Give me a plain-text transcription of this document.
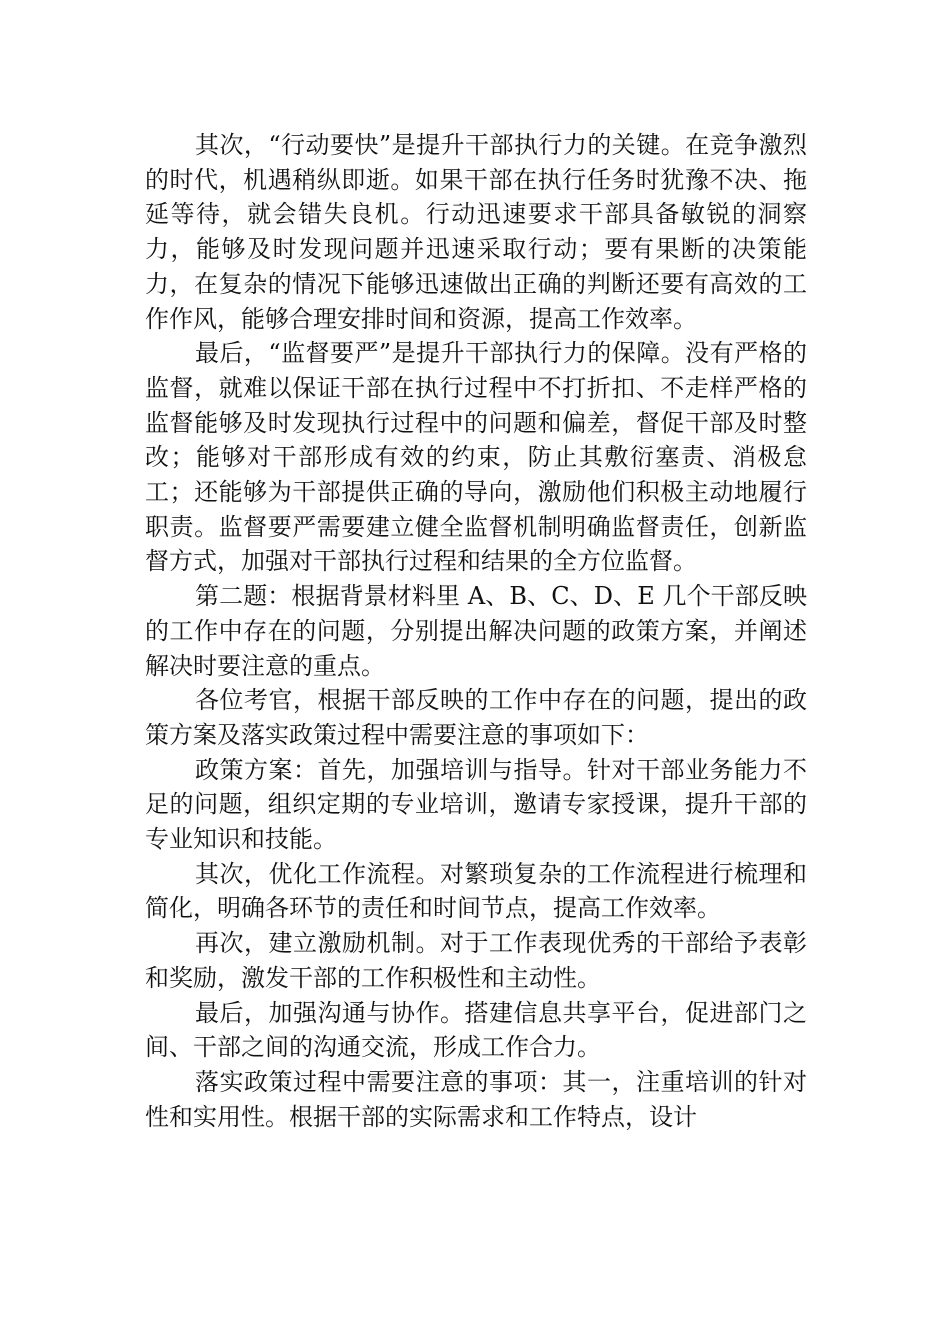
其次，“行动要快”是提升干部执行力的关键。在竞争激烈的时代，机遇稍纵即逝。如果干部在执行任务时犹豫不决、拖延等待，就会错失良机。行动迅速要求干部具备敏锐的洞察力，能够及时发现问题并迅速采取行动；要有果断的决策能力，在复杂的情况下能够迅速做出正确的判断还要有高效的工作作风，能够合理安排时间和资源，提高工作效率。

最后，“监督要严”是提升干部执行力的保障。没有严格的监督，就难以保证干部在执行过程中不打折扣、不走样严格的监督能够及时发现执行过程中的问题和偏差，督促干部及时整改；能够对干部形成有效的约束，防止其敷衍塞责、消极怠工；还能够为干部提供正确的导向，激励他们积极主动地履行职责。监督要严需要建立健全监督机制明确监督责任，创新监督方式，加强对干部执行过程和结果的全方位监督。

第二题：根据背景材料里 A、B、C、D、E 几个干部反映的工作中存在的问题，分别提出解决问题的政策方案，并阐述解决时要注意的重点。

各位考官，根据干部反映的工作中存在的问题，提出的政策方案及落实政策过程中需要注意的事项如下：

政策方案：首先，加强培训与指导。针对干部业务能力不足的问题，组织定期的专业培训，邀请专家授课，提升干部的专业知识和技能。

其次，优化工作流程。对繁琐复杂的工作流程进行梳理和简化，明确各环节的责任和时间节点，提高工作效率。

再次，建立激励机制。对于工作表现优秀的干部给予表彰和奖励，激发干部的工作积极性和主动性。

最后，加强沟通与协作。搭建信息共享平台，促进部门之间、干部之间的沟通交流，形成工作合力。

落实政策过程中需要注意的事项：其一，注重培训的针对性和实用性。根据干部的实际需求和工作特点，设计
